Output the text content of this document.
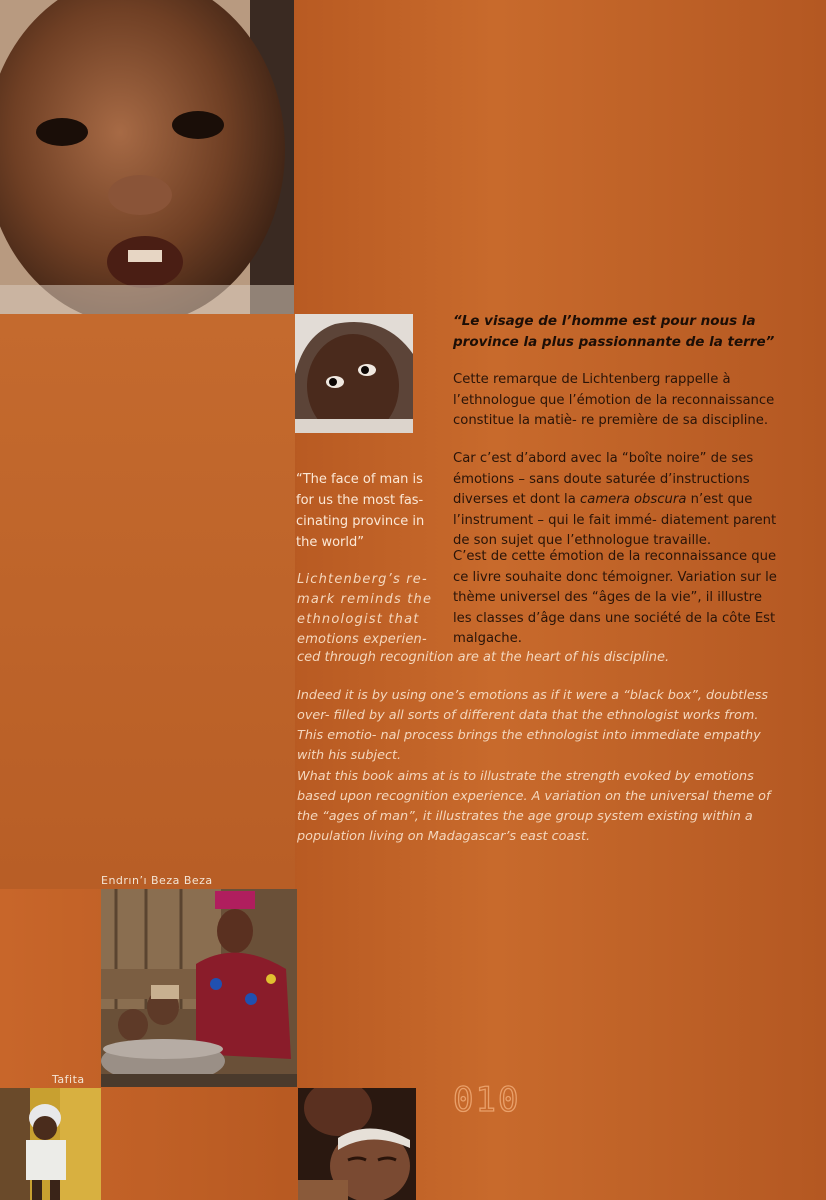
“Le visage de l’homme est pour nous la province la plus passionnante de la terre”
Cette remarque de Lichtenberg rappelle à l’ethnologue que l’émotion de la reconnaissance constitue la matiè- re première de sa discipline.
Car c’est d’abord avec la “boîte noire” de ses émotions – sans doute saturée d’instructions diverses et dont la camera obscura n’est que l’instrument – qui le fait immé- diatement parent de son sujet que l’ethnologue travaille.
C’est de cette émotion de la reconnaissance que ce livre souhaite donc témoigner. Variation sur le thème universel des “âges de la vie”, il illustre les classes d’âge dans une société de la côte Est malgache.
“The face of man is for us the most fas- cinating province in the world”
Lichtenberg’s re-
mark reminds the
ethnologist that
emotions experien-
ced through recognition are at the heart of his discipline.
Indeed it is by using one’s emotions as if it were a “black box”, doubtless over- filled by all sorts of different data that the ethnologist works from. This emotio- nal process brings the ethnologist into immediate empathy with his subject.
What this book aims at is to illustrate the strength evoked by emotions based upon recognition experience. A variation on the universal theme of the “ages of man”, it illustrates the age group system existing within a population living on Madagascar’s east coast.
Endrın’ı Beza Beza
Tafita
010
